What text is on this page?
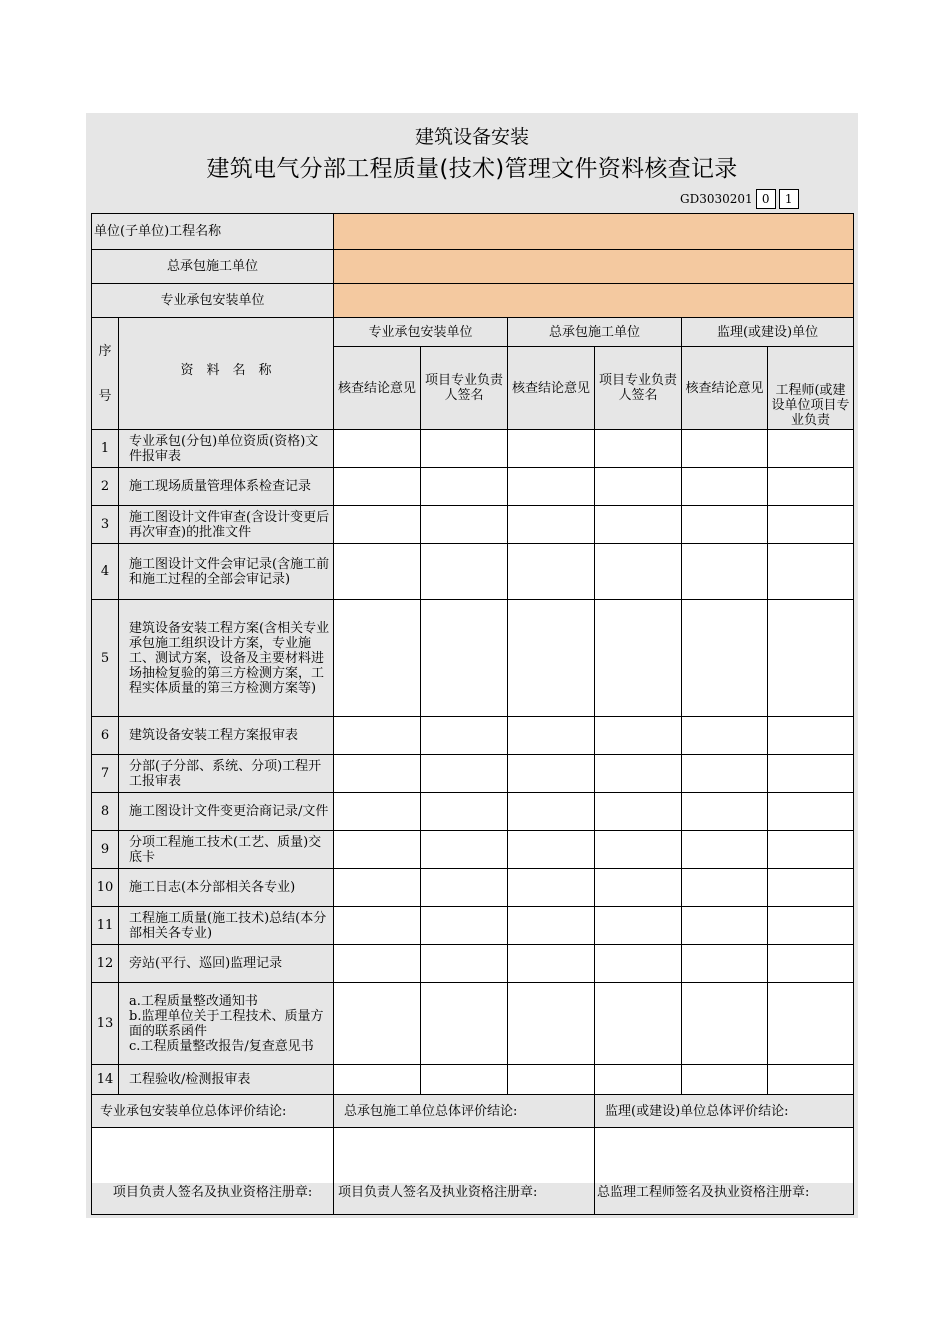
建筑设备安装
建筑电气分部工程质量(技术)管理文件资料核查记录
GD3030201 0	1
单位(子单位)工程名称							
总承包施工单位							
专业承包安装单位							

序
号	资　料　名　称	专业承包安装单位		总承包施工单位		监理(或建设)单位	
		核查结论意见	项目专业负责人签名	核查结论意见	项目专业负责人签名	核查结论意见	工程师(或建设单位项目专业负责
1	专业承包(分包)单位资质(资格)文件报审表						
2	施工现场质量管理体系检查记录						
3	施工图设计文件审查(含设计变更后再次审查)的批准文件						
4	施工图设计文件会审记录(含施工前和施工过程的全部会审记录)						
5	建筑设备安装工程方案(含相关专业承包施工组织设计方案，专业施工、测试方案，设备及主要材料进场抽检复验的第三方检测方案，工程实体质量的第三方检测方案等)						
6	建筑设备安装工程方案报审表						
7	分部(子分部、系统、分项)工程开工报审表						
8	施工图设计文件变更洽商记录/文件						
9	分项工程施工技术(工艺、质量)交底卡						
10	施工日志(本分部相关各专业)						
11	工程施工质量(施工技术)总结(本分部相关各专业)						
12	旁站(平行、巡回)监理记录						
13	a.工程质量整改通知书
b.监理单位关于工程技术、质量方面的联系函件
c.工程质量整改报告/复查意见书						
14	工程验收/检测报审表						
专业承包安装单位总体评价结论:		总承包施工单位总体评价结论:			监理(或建设)单位总体评价结论:		

项目负责人签名及执业资格注册章:		项目负责人签名及执业资格注册章:			总监理工程师签名及执业资格注册章:		
